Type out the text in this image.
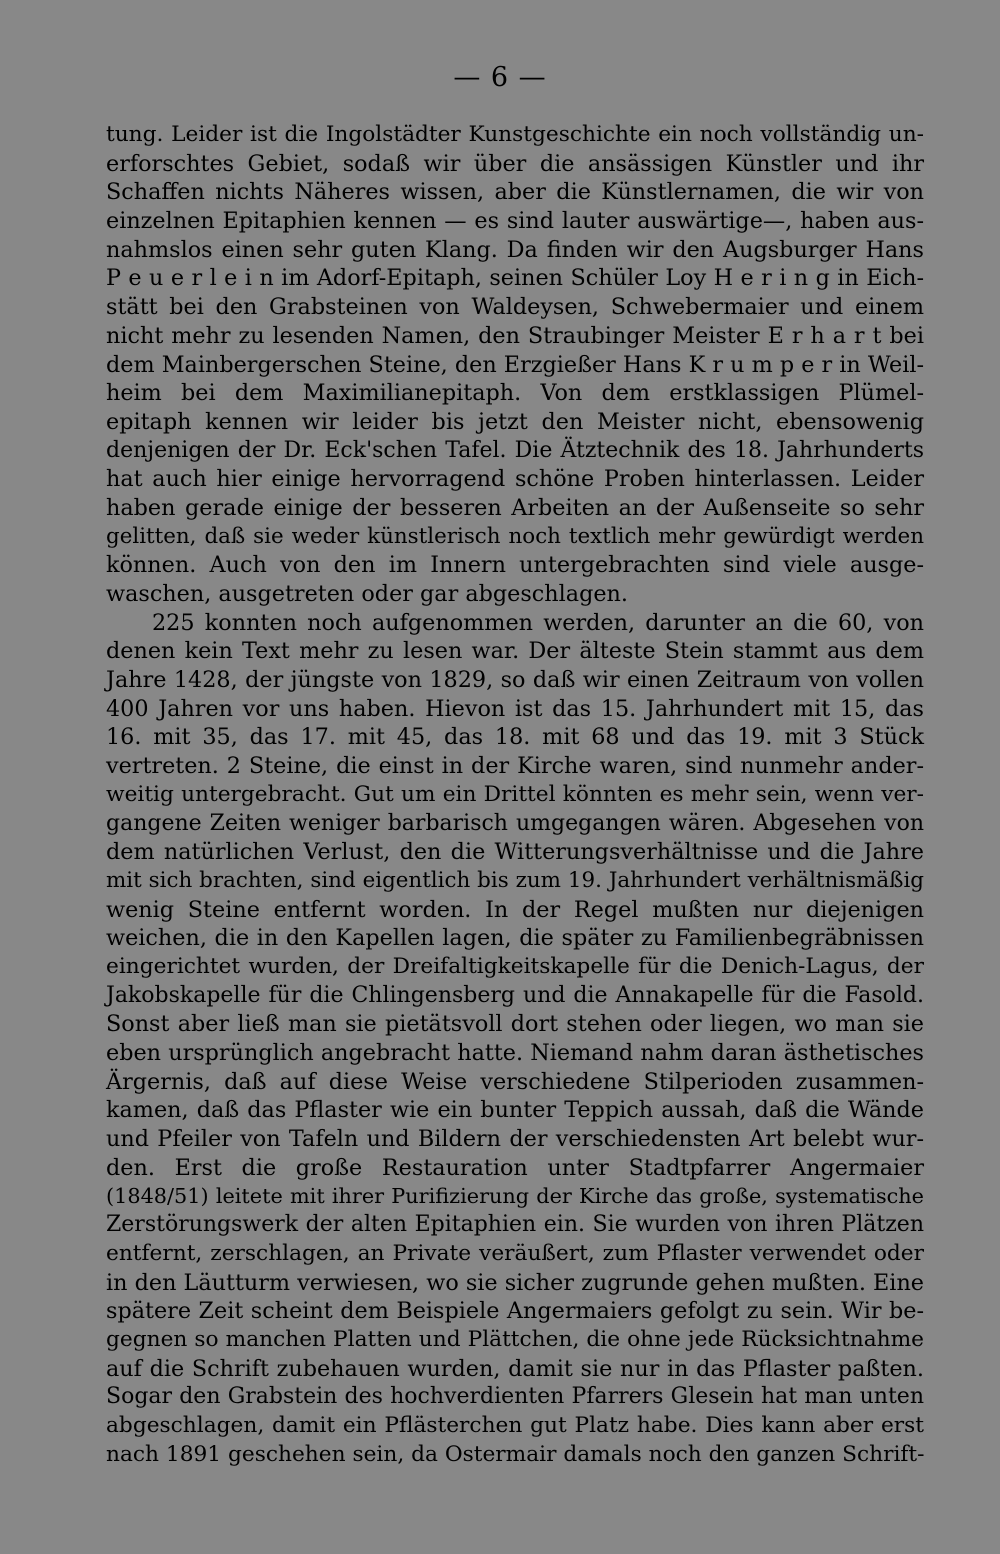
— 6 —
tung. Leider ist die Ingolstädter Kunstgeschichte ein noch vollständig un-
erforschtes Gebiet, sodaß wir über die ansässigen Künstler und ihr
Schaffen nichts Näheres wissen, aber die Künstlernamen, die wir von
einzelnen Epitaphien kennen — es sind lauter auswärtige—, haben aus-
nahmslos einen sehr guten Klang. Da finden wir den Augsburger Hans
P e u e r l e i n im Adorf-Epitaph, seinen Schüler Loy H e r i n g in Eich-
stätt bei den Grabsteinen von Waldeysen, Schwebermaier und einem
nicht mehr zu lesenden Namen, den Straubinger Meister E r h a r t bei
dem Mainbergerschen Steine, den Erzgießer Hans K r u m p e r in Weil-
heim bei dem Maximilianepitaph. Von dem erstklassigen Plümel-
epitaph kennen wir leider bis jetzt den Meister nicht, ebensowenig
denjenigen der Dr. Eck'schen Tafel. Die Ätztechnik des 18. Jahrhunderts
hat auch hier einige hervorragend schöne Proben hinterlassen. Leider
haben gerade einige der besseren Arbeiten an der Außenseite so sehr
gelitten, daß sie weder künstlerisch noch textlich mehr gewürdigt werden
können. Auch von den im Innern untergebrachten sind viele ausge-
waschen, ausgetreten oder gar abgeschlagen.
225 konnten noch aufgenommen werden, darunter an die 60, von
denen kein Text mehr zu lesen war. Der älteste Stein stammt aus dem
Jahre 1428, der jüngste von 1829, so daß wir einen Zeitraum von vollen
400 Jahren vor uns haben. Hievon ist das 15. Jahrhundert mit 15, das
16. mit 35, das 17. mit 45, das 18. mit 68 und das 19. mit 3 Stück
vertreten. 2 Steine, die einst in der Kirche waren, sind nunmehr ander-
weitig untergebracht. Gut um ein Drittel könnten es mehr sein, wenn ver-
gangene Zeiten weniger barbarisch umgegangen wären. Abgesehen von
dem natürlichen Verlust, den die Witterungsverhältnisse und die Jahre
mit sich brachten, sind eigentlich bis zum 19. Jahrhundert verhältnismäßig
wenig Steine entfernt worden. In der Regel mußten nur diejenigen
weichen, die in den Kapellen lagen, die später zu Familienbegräbnissen
eingerichtet wurden, der Dreifaltigkeitskapelle für die Denich-Lagus, der
Jakobskapelle für die Chlingensberg und die Annakapelle für die Fasold.
Sonst aber ließ man sie pietätsvoll dort stehen oder liegen, wo man sie
eben ursprünglich angebracht hatte. Niemand nahm daran ästhetisches
Ärgernis, daß auf diese Weise verschiedene Stilperioden zusammen-
kamen, daß das Pflaster wie ein bunter Teppich aussah, daß die Wände
und Pfeiler von Tafeln und Bildern der verschiedensten Art belebt wur-
den. Erst die große Restauration unter Stadtpfarrer Angermaier
(1848/51) leitete mit ihrer Purifizierung der Kirche das große, systematische
Zerstörungswerk der alten Epitaphien ein. Sie wurden von ihren Plätzen
entfernt, zerschlagen, an Private veräußert, zum Pflaster verwendet oder
in den Läutturm verwiesen, wo sie sicher zugrunde gehen mußten. Eine
spätere Zeit scheint dem Beispiele Angermaiers gefolgt zu sein. Wir be-
gegnen so manchen Platten und Plättchen, die ohne jede Rücksichtnahme
auf die Schrift zubehauen wurden, damit sie nur in das Pflaster paßten.
Sogar den Grabstein des hochverdienten Pfarrers Glesein hat man unten
abgeschlagen, damit ein Pflästerchen gut Platz habe. Dies kann aber erst
nach 1891 geschehen sein, da Ostermair damals noch den ganzen Schrift-
